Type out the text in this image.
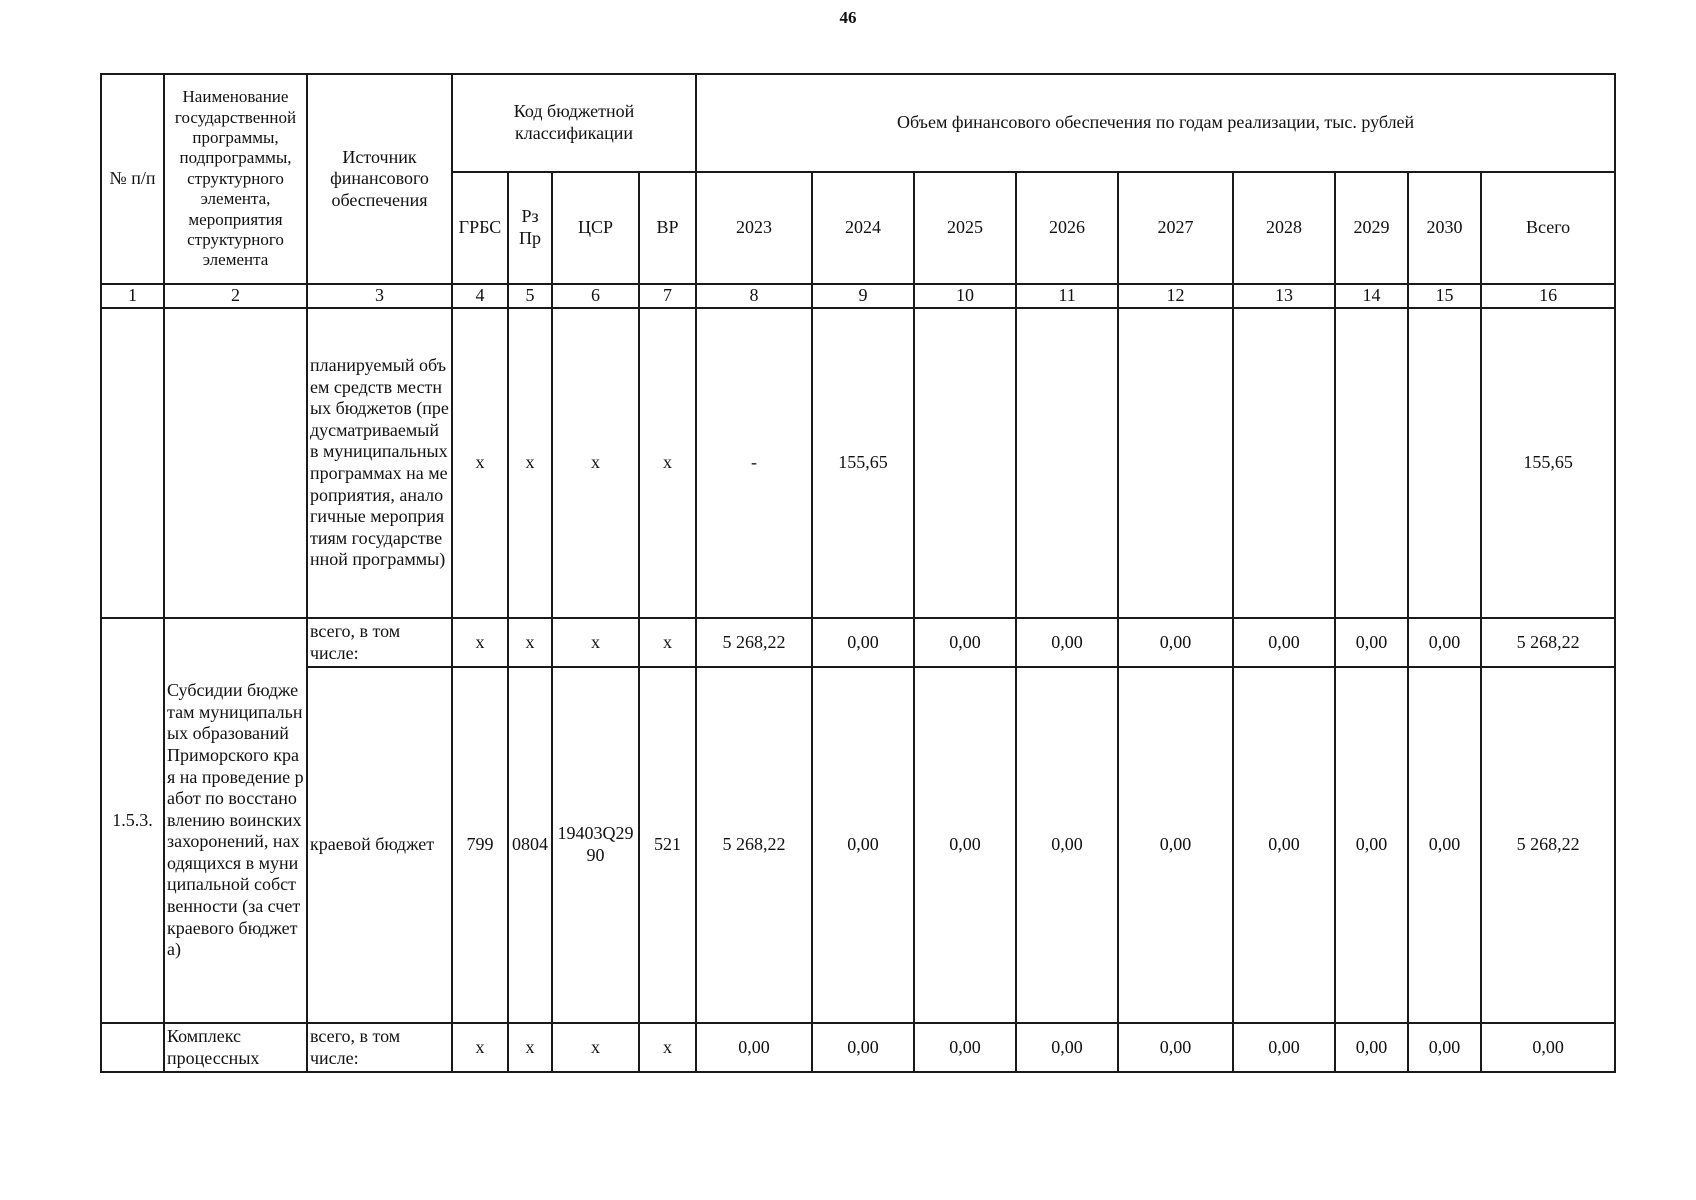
46
№ п/п	Наименование государственной программы, подпрограммы, структурного элемента, мероприятия структурного элемента	Источник финансового обеспечения	Код бюджетной классификации				Объем финансового обеспечения по годам реализации, тыс. рублей								
			ГРБС	Рз Пр	ЦСР	ВР	2023	2024	2025	2026	2027	2028	2029	2030	Всего
1	2	3	4	5	6	7	8	9	10	11	12	13	14	15	16
		планируемый объем средств местных бюджетов (предусматриваемый в муниципальных программах на мероприятия, аналогичные мероприятиям государственной программы)	x	x	x	x	-	155,65							155,65
1.5.3.	Субсидии бюджетам муниципальных образований Приморского края на проведение работ по восстановлению воинских захоронений, находящихся в муниципальной собственности (за счет краевого бюджета)	всего, в том числе:	x	x	x	x	5 268,22	0,00	0,00	0,00	0,00	0,00	0,00	0,00	5 268,22
		краевой бюджет	799	0804	19403Q2990	521	5 268,22	0,00	0,00	0,00	0,00	0,00	0,00	0,00	5 268,22
	Комплекс процессных	всего, в том числе:	x	x	x	x	0,00	0,00	0,00	0,00	0,00	0,00	0,00	0,00	0,00
